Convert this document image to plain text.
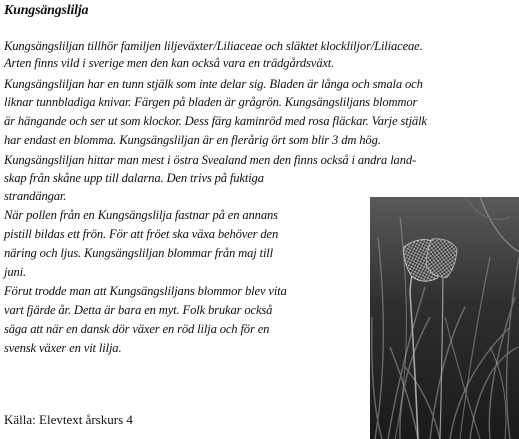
Kungsängslilja
Kungsängsliljan tillhör familjen liljeväxter/Liliaceae och släktet klockliljor/Liliaceae.
Arten finns vild i sverige men den kan också vara en trädgårdsväxt.
Kungsängsliljan har en tunn stjälk som inte delar sig. Bladen är långa och smala och
liknar tunnbladiga knivar. Färgen på bladen är grågrön. Kungsängsliljans blommor
är hängande och ser ut som klockor. Dess färg kaminröd med rosa fläckar. Varje stjälk
har endast en blomma. Kungsängsliljan är en flerårig ört som blir 3 dm hög.
Kungsängsliljan hittar man mest i östra Svealand men den finns också i andra land-
skap från skåne upp till dalarna. Den trivs på fuktiga
strandängar.
När pollen från en Kungsängslilja fastnar på en annans
pistill bildas ett frön. För att fröet ska växa behöver den
näring och ljus. Kungsängsliljan blommar från maj till
juni.
Förut trodde man att Kungsängsliljans blommor blev vita
vart fjärde år. Detta är bara en myt. Folk brukar också
säga att när en dansk dör växer en röd lilja och för en
svensk växer en vit lilja.
Källa: Elevtext årskurs 4
